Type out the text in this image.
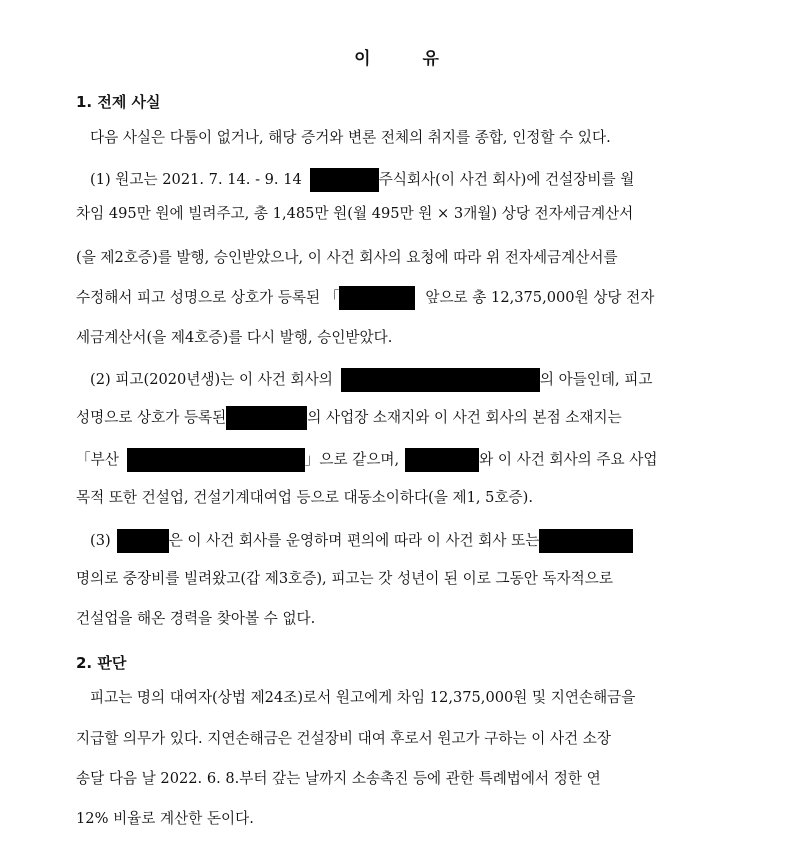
이	유
1. 전제 사실
다음 사실은 다툼이 없거나, 해당 증거와 변론 전체의 취지를 종합, 인정할 수 있다.
(1) 원고는 2021. 7. 14. - 9. 14	주식회사(이 사건 회사)에 건설장비를 월
차임 495만 원에 빌려주고, 총 1,485만 원(월 495만 원 × 3개월) 상당 전자세금계산서
(을 제2호증)를 발행, 승인받았으나, 이 사건 회사의 요청에 따라 위 전자세금계산서를
수정해서 피고 성명으로 상호가 등록된 「	앞으로 총 12,375,000원 상당 전자
세금계산서(을 제4호증)를 다시 발행, 승인받았다.
(2) 피고(2020년생)는 이 사건 회사의	의 아들인데, 피고
성명으로 상호가 등록된	의 사업장 소재지와 이 사건 회사의 본점 소재지는
「부산	」으로 같으며,	와 이 사건 회사의 주요 사업
목적 또한 건설업, 건설기계대여업 등으로 대동소이하다(을 제1, 5호증).
(3)	은 이 사건 회사를 운영하며 편의에 따라 이 사건 회사 또는
명의로 중장비를 빌려왔고(갑 제3호증), 피고는 갓 성년이 된 이로 그동안 독자적으로
건설업을 해온 경력을 찾아볼 수 없다.
2. 판단
피고는 명의 대여자(상법 제24조)로서 원고에게 차임 12,375,000원 및 지연손해금을
지급할 의무가 있다. 지연손해금은 건설장비 대여 후로서 원고가 구하는 이 사건 소장
송달 다음 날 2022. 6. 8.부터 갚는 날까지 소송촉진 등에 관한 특례법에서 정한 연
12% 비율로 계산한 돈이다.
